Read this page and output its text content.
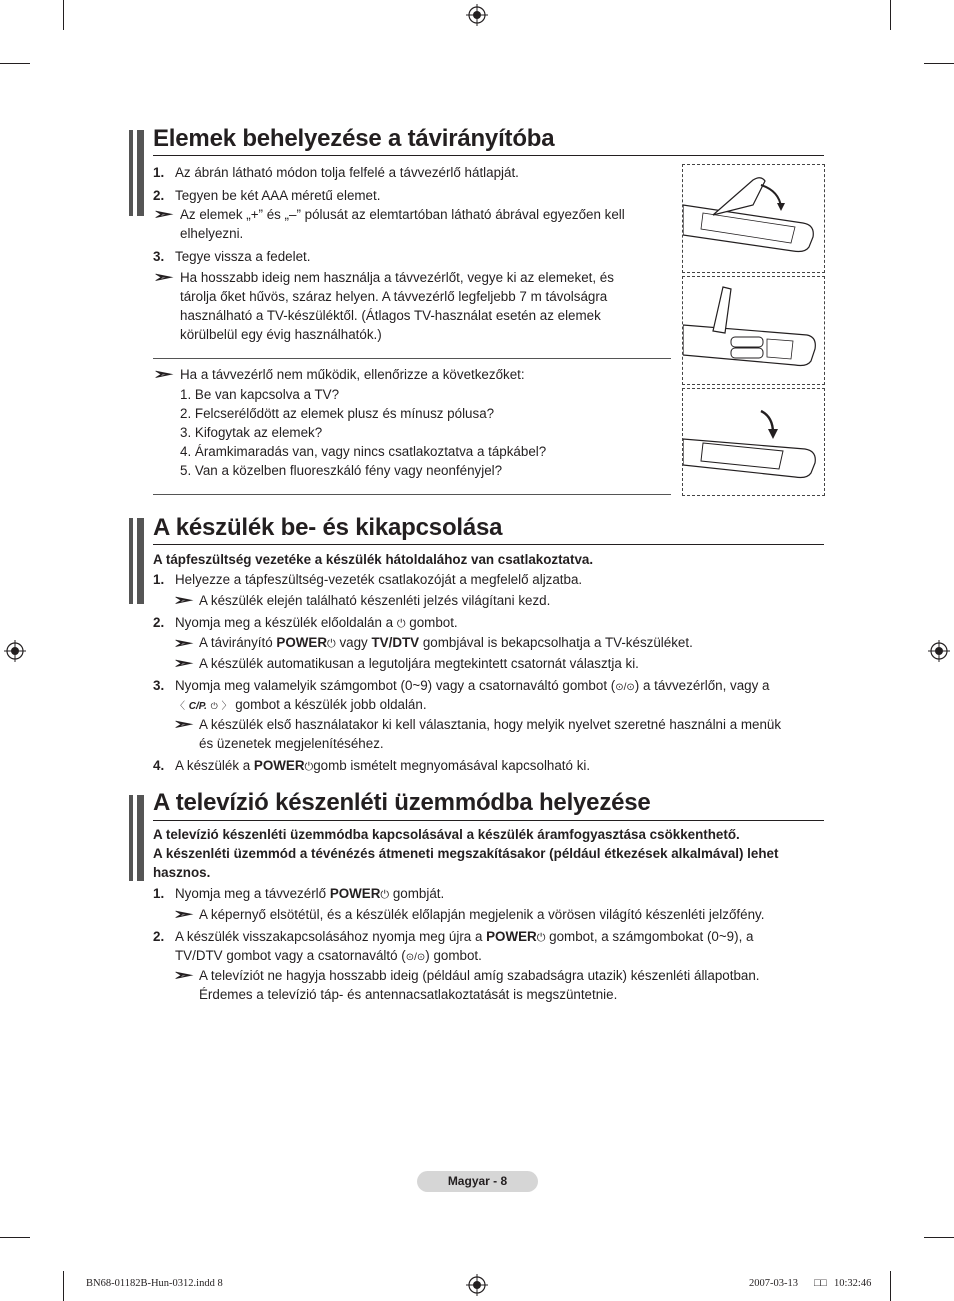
Elemek behelyezése a távirányítóba
1. Az ábrán látható módon tolja felfelé a távvezérlő hátlapját.
2. Tegyen be két AAA méretű elemet.
➣ Az elemek „+” és „–” pólusát az elemtartóban látható ábrával egyezően kell
elhelyezni.
3. Tegye vissza a fedelet.
➣ Ha hosszabb ideig nem használja a távvezérlőt, vegye ki az elemeket, és
tárolja őket hűvös, száraz helyen. A távvezérlő legfeljebb 7 m távolságra
használható a TV-készüléktől. (Átlagos TV-használat esetén az elemek
körülbelül egy évig használhatók.)
➣ Ha a távvezérlő nem működik, ellenőrizze a következőket:
1. Be van kapcsolva a TV?
2. Felcserélődött az elemek plusz és mínusz pólusa?
3. Kifogytak az elemek?
4. Áramkimaradás van, vagy nincs csatlakoztatva a tápkábel?
5. Van a közelben fluoreszkáló fény vagy neonfényjel?
A készülék be- és kikapcsolása
A tápfeszültség vezetéke a készülék hátoldalához van csatlakoztatva.
1. Helyezze a tápfeszültség-vezeték csatlakozóját a megfelelő aljzatba.
➣ A készülék elején található készenléti jelzés világítani kezd.
2. Nyomja meg a készülék előoldalán a ⏻ gombot.
➣ A távirányító POWER⏻ vagy TV/DTV gombjával is bekapcsolhatja a TV-készüléket.
➣ A készülék automatikusan a legutoljára megtekintett csatornát választja ki.
3. Nyomja meg valamelyik számgombot (0~9) vagy a csatornaváltó gombot (⊙/⊙) a távvezérlőn, vagy a
〈 C/P. ⏻ 〉 gombot a készülék jobb oldalán.
➣ A készülék első használatakor ki kell választania, hogy melyik nyelvet szeretné használni a menük
és üzenetek megjelenítéséhez.
4. A készülék a POWER⏻gomb ismételt megnyomásával kapcsolható ki.
A televízió készenléti üzemmódba helyezése
A televízió készenléti üzemmódba kapcsolásával a készülék áramfogyasztása csökkenthető.
A készenléti üzemmód a tévénézés átmeneti megszakításakor (például étkezések alkalmával) lehet
hasznos.
1. Nyomja meg a távvezérlő POWER⏻ gombját.
➣ A képernyő elsötétül, és a készülék előlapján megjelenik a vörösen világító készenléti jelzőfény.
2. A készülék visszakapcsolásához nyomja meg újra a POWER⏻ gombot, a számgombokat (0~9), a
TV/DTV gombot vagy a csatornaváltó (⊙/⊙) gombot.
➣ A televíziót ne hagyja hosszabb ideig (például amíg szabadságra utazik) készenléti állapotban.
Érdemes a televízió táp- és antennacsatlakoztatását is megszüntetnie.
Magyar - 8
BN68-01182B-Hun-0312.indd 8	2007-03-13 □□ 10:32:46
